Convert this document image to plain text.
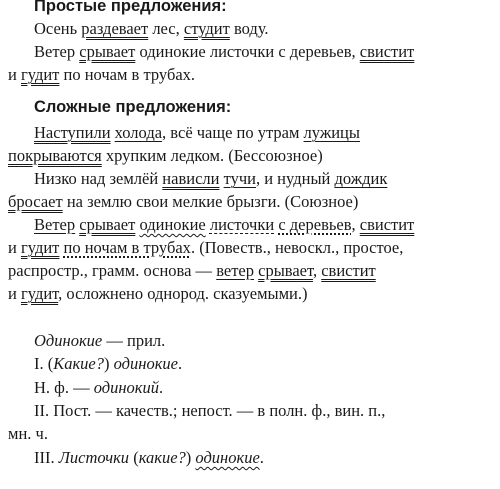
Простые предложения:
Осень раздевает лес, студит воду.
Ветер срывает одинокие листочки с деревьев, свистит
и гудит по ночам в трубах.
Сложные предложения:
Наступили холода, всё чаще по утрам лужицы
покрываются хрупким ледком. (Бессоюзное)
Низко над землёй нависли тучи, и нудный дождик
бросает на землю свои мелкие брызги. (Союзное)
Ветер срывает одинокие листочки с деревьев, свистит
и гудит по ночам в трубах. (Повеств., невоскл., простое,
распростр., грамм. основа — ветер срывает, свистит
и гудит, осложнено однород. сказуемыми.)
Одинокие — прил.
I. (Какие?) одинокие.
Н. ф. — одинокий.
II. Пост. — качеств.; непост. — в полн. ф., вин. п.,
мн. ч.
III. Листочки (какие?) одинокие.
